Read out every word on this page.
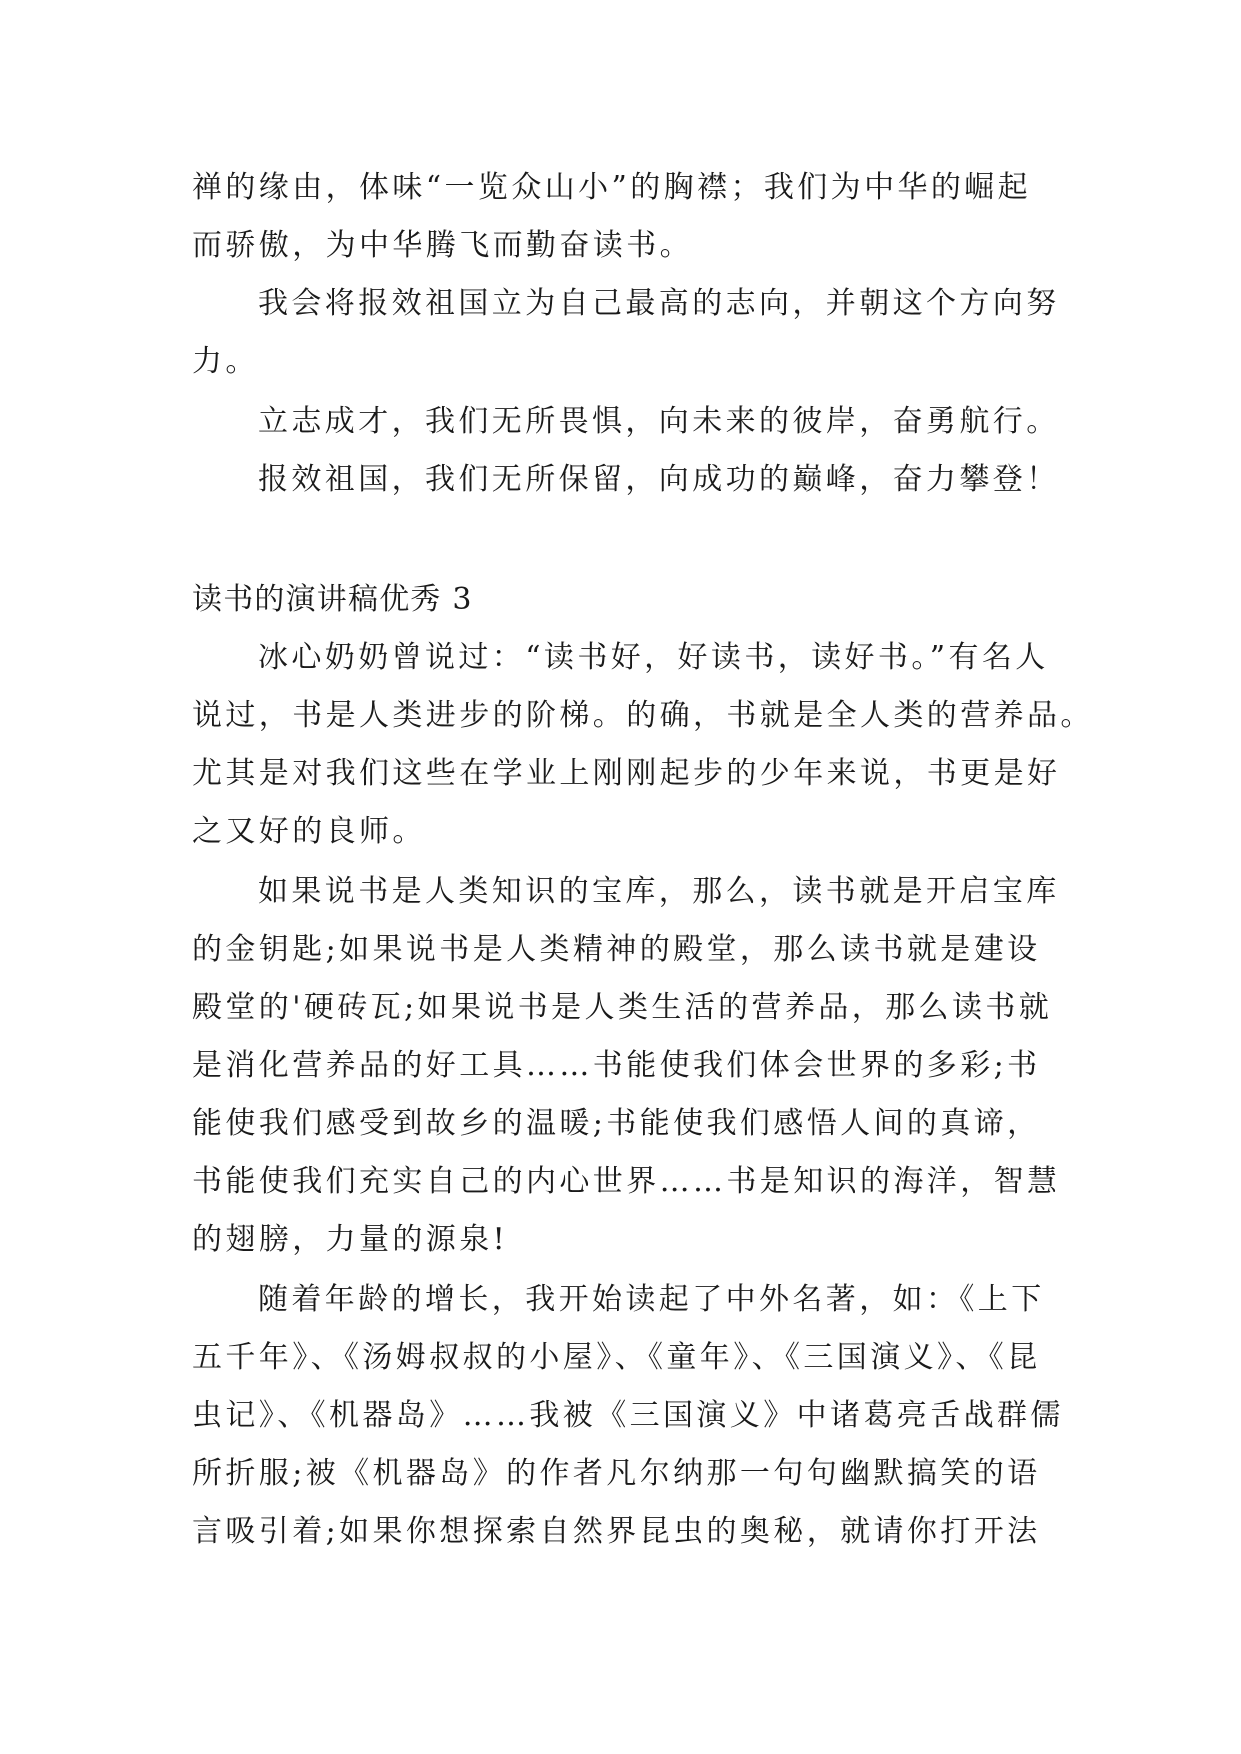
禅的缘由，体味“一览众山小”的胸襟；我们为中华的崛起
而骄傲，为中华腾飞而勤奋读书。
我会将报效祖国立为自己最高的志向，并朝这个方向努
力。
立志成才，我们无所畏惧，向未来的彼岸，奋勇航行。
报效祖国，我们无所保留，向成功的巅峰，奋力攀登！
读书的演讲稿优秀 3
冰心奶奶曾说过：“读书好，好读书，读好书。”有名人
说过，书是人类进步的阶梯。的确，书就是全人类的营养品。
尤其是对我们这些在学业上刚刚起步的少年来说，书更是好
之又好的良师。
如果说书是人类知识的宝库，那么，读书就是开启宝库
的金钥匙;如果说书是人类精神的殿堂，那么读书就是建设
殿堂的'硬砖瓦;如果说书是人类生活的营养品，那么读书就
是消化营养品的好工具……书能使我们体会世界的多彩;书
能使我们感受到故乡的温暖;书能使我们感悟人间的真谛，
书能使我们充实自己的内心世界……书是知识的海洋，智慧
的翅膀，力量的源泉!
随着年龄的增长，我开始读起了中外名著，如：《上下
五千年》、《汤姆叔叔的小屋》、《童年》、《三国演义》、《昆
虫记》、《机器岛》……我被《三国演义》中诸葛亮舌战群儒
所折服;被《机器岛》的作者凡尔纳那一句句幽默搞笑的语
言吸引着;如果你想探索自然界昆虫的奥秘，就请你打开法
